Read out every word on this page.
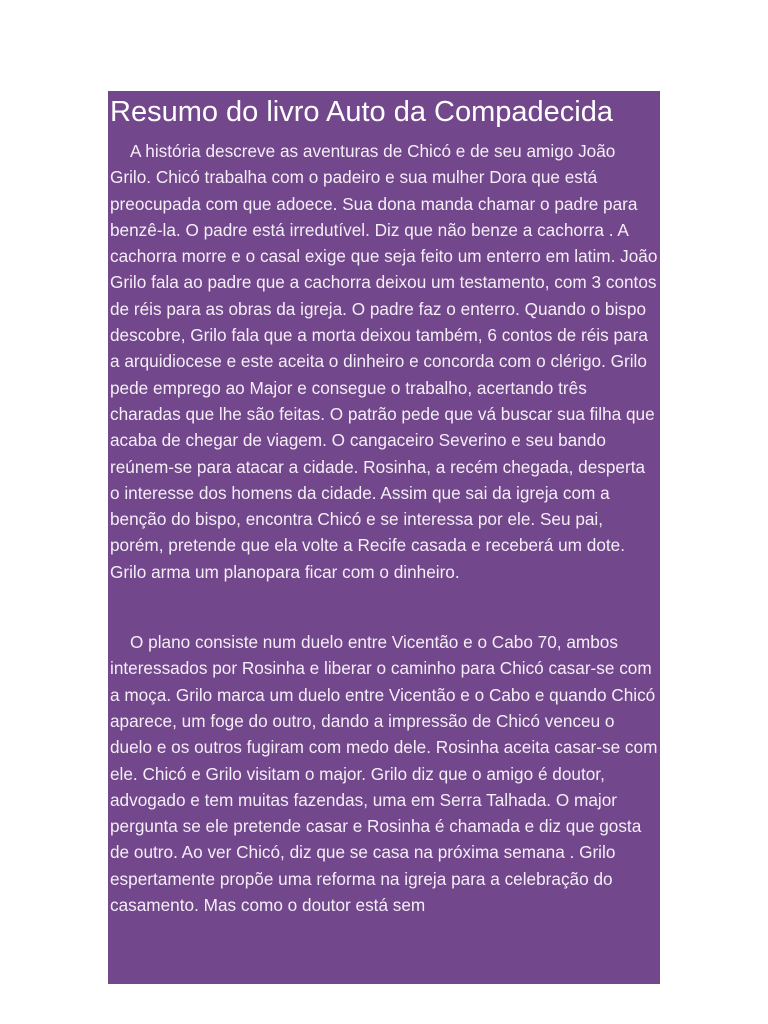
Resumo do livro Auto da Compadecida

A história descreve as aventuras de Chicó e de seu amigo João Grilo. Chicó trabalha com o padeiro e sua mulher Dora que está preocupada com que adoece. Sua dona manda chamar o padre para benzê-la. O padre está irredutível. Diz que não benze a cachorra . A cachorra morre e o casal exige que seja feito um enterro em latim. João Grilo fala ao padre que a cachorra deixou um testamento, com 3 contos de réis para as obras da igreja. O padre faz o enterro. Quando o bispo descobre, Grilo fala que a morta deixou também, 6 contos de réis para a arquidiocese e este aceita o dinheiro e concorda com o clérigo. Grilo pede emprego ao Major e consegue o trabalho, acertando três charadas que lhe são feitas. O patrão pede que vá buscar sua filha que acaba de chegar de viagem. O cangaceiro Severino e seu bando reúnem-se para atacar a cidade. Rosinha, a recém chegada, desperta o interesse dos homens da cidade. Assim que sai da igreja com a benção do bispo, encontra Chicó e se interessa por ele. Seu pai, porém, pretende que ela volte a Recife casada e receberá um dote. Grilo arma um planopara ficar com o dinheiro.

O plano consiste num duelo entre Vicentão e o Cabo 70, ambos interessados por Rosinha e liberar o caminho para Chicó casar-se com a moça. Grilo marca um duelo entre Vicentão e o Cabo e quando Chicó aparece, um foge do outro, dando a impressão de Chicó venceu o duelo e os outros fugiram com medo dele. Rosinha aceita casar-se com ele. Chicó e Grilo visitam o major. Grilo diz que o amigo é doutor, advogado e tem muitas fazendas, uma em Serra Talhada. O major pergunta se ele pretende casar e Rosinha é chamada e diz que gosta de outro. Ao ver Chicó, diz que se casa na próxima semana . Grilo espertamente propõe uma reforma na igreja para a celebração do casamento. Mas como o doutor está sem
